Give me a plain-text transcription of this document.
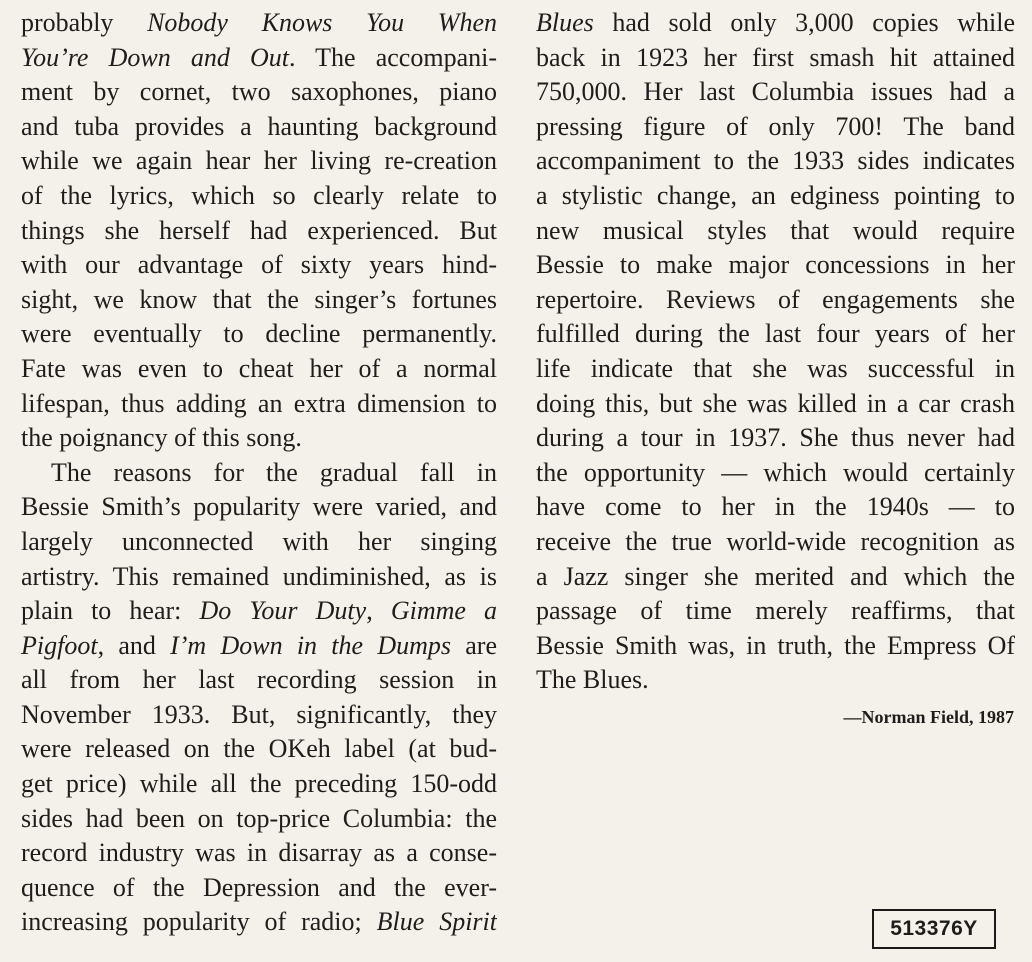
probably Nobody Knows You When
You’re Down and Out. The accompani-
ment by cornet, two saxophones, piano
and tuba provides a haunting background
while we again hear her living re-creation
of the lyrics, which so clearly relate to
things she herself had experienced. But
with our advantage of sixty years hind-
sight, we know that the singer’s fortunes
were eventually to decline permanently.
Fate was even to cheat her of a normal
lifespan, thus adding an extra dimension to
the poignancy of this song.
The reasons for the gradual fall in
Bessie Smith’s popularity were varied, and
largely unconnected with her singing
artistry. This remained undiminished, as is
plain to hear: Do Your Duty, Gimme a
Pigfoot, and I’m Down in the Dumps are
all from her last recording session in
November 1933. But, significantly, they
were released on the OKeh label (at bud-
get price) while all the preceding 150-odd
sides had been on top-price Columbia: the
record industry was in disarray as a conse-
quence of the Depression and the ever-
increasing popularity of radio; Blue Spirit
Blues had sold only 3,000 copies while
back in 1923 her first smash hit attained
750,000. Her last Columbia issues had a
pressing figure of only 700! The band
accompaniment to the 1933 sides indicates
a stylistic change, an edginess pointing to
new musical styles that would require
Bessie to make major concessions in her
repertoire. Reviews of engagements she
fulfilled during the last four years of her
life indicate that she was successful in
doing this, but she was killed in a car crash
during a tour in 1937. She thus never had
the opportunity — which would certainly
have come to her in the 1940s — to
receive the true world-wide recognition as
a Jazz singer she merited and which the
passage of time merely reaffirms, that
Bessie Smith was, in truth, the Empress Of
The Blues.
—Norman Field, 1987
513376Y
